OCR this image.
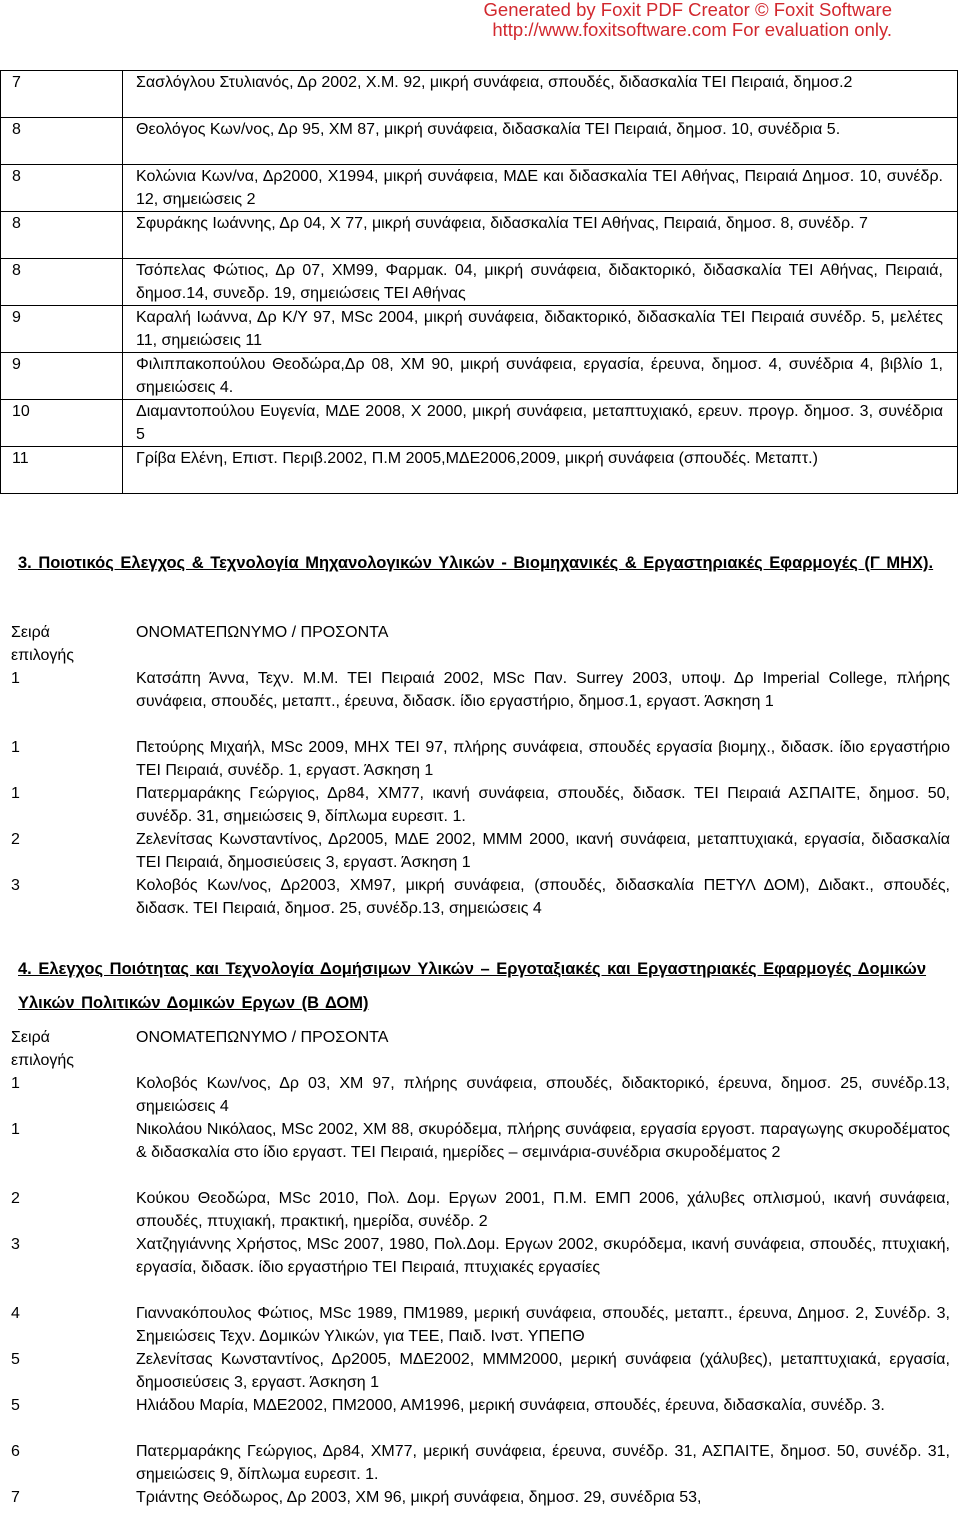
Generated by Foxit PDF Creator © Foxit Software
http://www.foxitsoftware.com For evaluation only.
7	Σασλόγλου Στυλιανός, Δρ 2002, Χ.Μ. 92, μικρή συνάφεια, σπουδές, διδασκαλία ΤΕΙ Πειραιά, δημοσ.2
8	Θεολόγος Κων/νος, Δρ 95, ΧΜ 87, μικρή συνάφεια, διδασκαλία ΤΕΙ Πειραιά, δημοσ. 10, συνέδρια 5.
8	Κολώνια Κων/να, Δρ2000, Χ1994, μικρή συνάφεια, ΜΔΕ και διδασκαλία ΤΕΙ Αθήνας, Πειραιά Δημοσ. 10, συνέδρ. 12, σημειώσεις 2
8	Σφυράκης Ιωάννης, Δρ 04, Χ 77, μικρή συνάφεια, διδασκαλία ΤΕΙ Αθήνας, Πειραιά, δημοσ. 8, συνέδρ. 7
8	Τσόπελας Φώτιος, Δρ 07, ΧΜ99, Φαρμακ. 04, μικρή συνάφεια, διδακτορικό, διδασκαλία ΤΕΙ Αθήνας, Πειραιά, δημοσ.14, συνεδρ. 19, σημειώσεις ΤΕΙ Αθήνας
9	Καραλή Ιωάννα, Δρ Κ/Υ 97, MSc 2004, μικρή συνάφεια, διδακτορικό, διδασκαλία ΤΕΙ Πειραιά συνέδρ. 5, μελέτες 11, σημειώσεις 11
9	Φιλιππακοπούλου Θεοδώρα,Δρ 08, ΧΜ 90, μικρή συνάφεια, εργασία, έρευνα, δημοσ. 4, συνέδρια 4, βιβλίο 1, σημειώσεις 4.
10	Διαμαντοπούλου Ευγενία, ΜΔΕ 2008, Χ 2000, μικρή συνάφεια, μεταπτυχιακό, ερευν. προγρ. δημοσ. 3, συνέδρια 5
11	Γρίβα Ελένη, Επιστ. Περιβ.2002, Π.Μ 2005,ΜΔΕ2006,2009, μικρή συνάφεια (σπουδές. Μεταπτ.)
3. Ποιοτικός Ελεγχος & Τεχνολογία Μηχανολογικών Υλικών - Βιομηχανικές & Εργαστηριακές Εφαρμογές (Γ ΜΗΧ).
Σειρά επιλογής
ΟΝΟΜΑΤΕΠΩΝΥΜΟ / ΠΡΟΣΟΝΤΑ
1	Κατσάπη Άννα, Τεχν. Μ.Μ. ΤΕΙ Πειραιά 2002, MSc Παν. Surrey 2003, υποψ. Δρ Imperial College, πλήρης συνάφεια, σπουδές, μεταπτ., έρευνα, διδασκ. ίδιο εργαστήριο, δημοσ.1, εργαστ. Άσκηση 1
1	Πετούρης Μιχαήλ, MSc 2009, ΜΗΧ ΤΕΙ 97, πλήρης συνάφεια, σπουδές εργασία βιομηχ., διδασκ. ίδιο εργαστήριο ΤΕΙ Πειραιά, συνέδρ. 1, εργαστ. Άσκηση 1
1	Πατερμαράκης Γεώργιος, Δρ84, ΧΜ77, ικανή συνάφεια, σπουδές, διδασκ. ΤΕΙ Πειραιά ΑΣΠΑΙΤΕ, δημοσ. 50, συνέδρ. 31, σημειώσεις 9, δίπλωμα ευρεσιτ. 1.
2	Ζελενίτσας Κωνσταντίνος, Δρ2005, ΜΔΕ 2002, ΜΜΜ 2000, ικανή συνάφεια, μεταπτυχιακά, εργασία, διδασκαλία ΤΕΙ Πειραιά, δημοσιεύσεις 3, εργαστ. Άσκηση 1
3	Κολοβός Κων/νος, Δρ2003, ΧΜ97, μικρή συνάφεια, (σπουδές, διδασκαλία ΠΕΤΥΛ ΔΟΜ), Διδακτ., σπουδές, διδασκ. ΤΕΙ Πειραιά, δημοσ. 25, συνέδρ.13, σημειώσεις 4
4. Ελεγχος Ποιότητας και Τεχνολογία Δομήσιμων Υλικών – Εργοταξιακές και Εργαστηριακές Εφαρμογές Δομικών Υλικών Πολιτικών Δομικών Εργων (Β ΔΟΜ)
Σειρά επιλογής
ΟΝΟΜΑΤΕΠΩΝΥΜΟ / ΠΡΟΣΟΝΤΑ
1	Κολοβός Κων/νος, Δρ 03, ΧΜ 97, πλήρης συνάφεια, σπουδές, διδακτορικό, έρευνα, δημοσ. 25, συνέδρ.13, σημειώσεις 4
1	Νικολάου Νικόλαος, MSc 2002, ΧΜ 88, σκυρόδεμα, πλήρης συνάφεια, εργασία εργοστ. παραγωγης σκυροδέματος & διδασκαλία στο ίδιο εργαστ. ΤΕΙ Πειραιά, ημερίδες – σεμινάρια-συνέδρια σκυροδέματος 2
2	Κούκου Θεοδώρα, MSc 2010, Πολ. Δομ. Εργων 2001, Π.Μ. ΕΜΠ 2006, χάλυβες οπλισμού, ικανή συνάφεια, σπουδές, πτυχιακή, πρακτική, ημερίδα, συνέδρ. 2
3	Χατζηγιάννης Χρήστος, MSc 2007, 1980, Πολ.Δομ. Εργων 2002, σκυρόδεμα, ικανή συνάφεια, σπουδές, πτυχιακή, εργασία, διδασκ. ίδιο εργαστήριο ΤΕΙ Πειραιά, πτυχιακές εργασίες
4	Γιαννακόπουλος Φώτιος, MSc 1989, ΠΜ1989, μερική συνάφεια, σπουδές, μεταπτ., έρευνα, Δημοσ. 2, Συνέδρ. 3, Σημειώσεις Τεχν. Δομικών Υλικών, για ΤΕΕ, Παιδ. Ινστ. ΥΠΕΠΘ
5	Ζελενίτσας Κωνσταντίνος, Δρ2005, ΜΔΕ2002, ΜΜΜ2000, μερική συνάφεια (χάλυβες), μεταπτυχιακά, εργασία, δημοσιεύσεις 3, εργαστ. Άσκηση 1
5	Ηλιάδου Μαρία, ΜΔΕ2002, ΠΜ2000, ΑΜ1996, μερική συνάφεια, σπουδές, έρευνα, διδασκαλία, συνέδρ. 3.
6	Πατερμαράκης Γεώργιος, Δρ84, ΧΜ77, μερική συνάφεια, έρευνα, συνέδρ. 31, ΑΣΠΑΙΤΕ, δημοσ. 50, συνέδρ. 31, σημειώσεις 9, δίπλωμα ευρεσιτ. 1.
7	Τριάντης Θεόδωρος, Δρ 2003, ΧΜ 96, μικρή συνάφεια, δημοσ. 29, συνέδρια 53,
